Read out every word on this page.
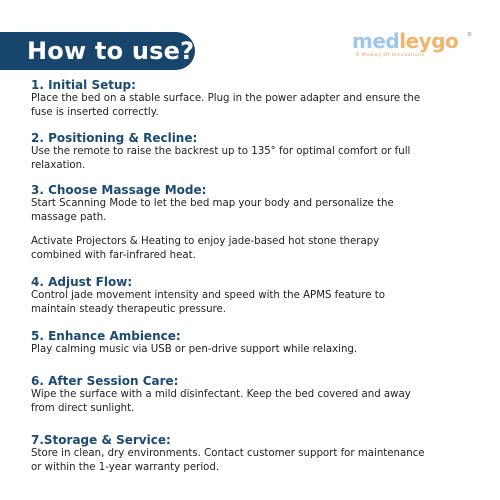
How to use?	medleygo	®
A Medley Of Innovations
1. Initial Setup:

Place the bed on a stable surface. Plug in the power adapter and ensure the fuse is inserted correctly.

2. Positioning & Recline:

Use the remote to raise the backrest up to 135° for optimal comfort or full relaxation.

3. Choose Massage Mode:

Start Scanning Mode to let the bed map your body and personalize the massage path.

Activate Projectors & Heating to enjoy jade-based hot stone therapy combined with far-infrared heat.

4. Adjust Flow:

Control jade movement intensity and speed with the APMS feature to maintain steady therapeutic pressure.

5. Enhance Ambience:

Play calming music via USB or pen-drive support while relaxing.

6. After Session Care:

Wipe the surface with a mild disinfectant. Keep the bed covered and away from direct sunlight.

7.Storage & Service:

Store in clean, dry environments. Contact customer support for maintenance or within the 1-year warranty period.
